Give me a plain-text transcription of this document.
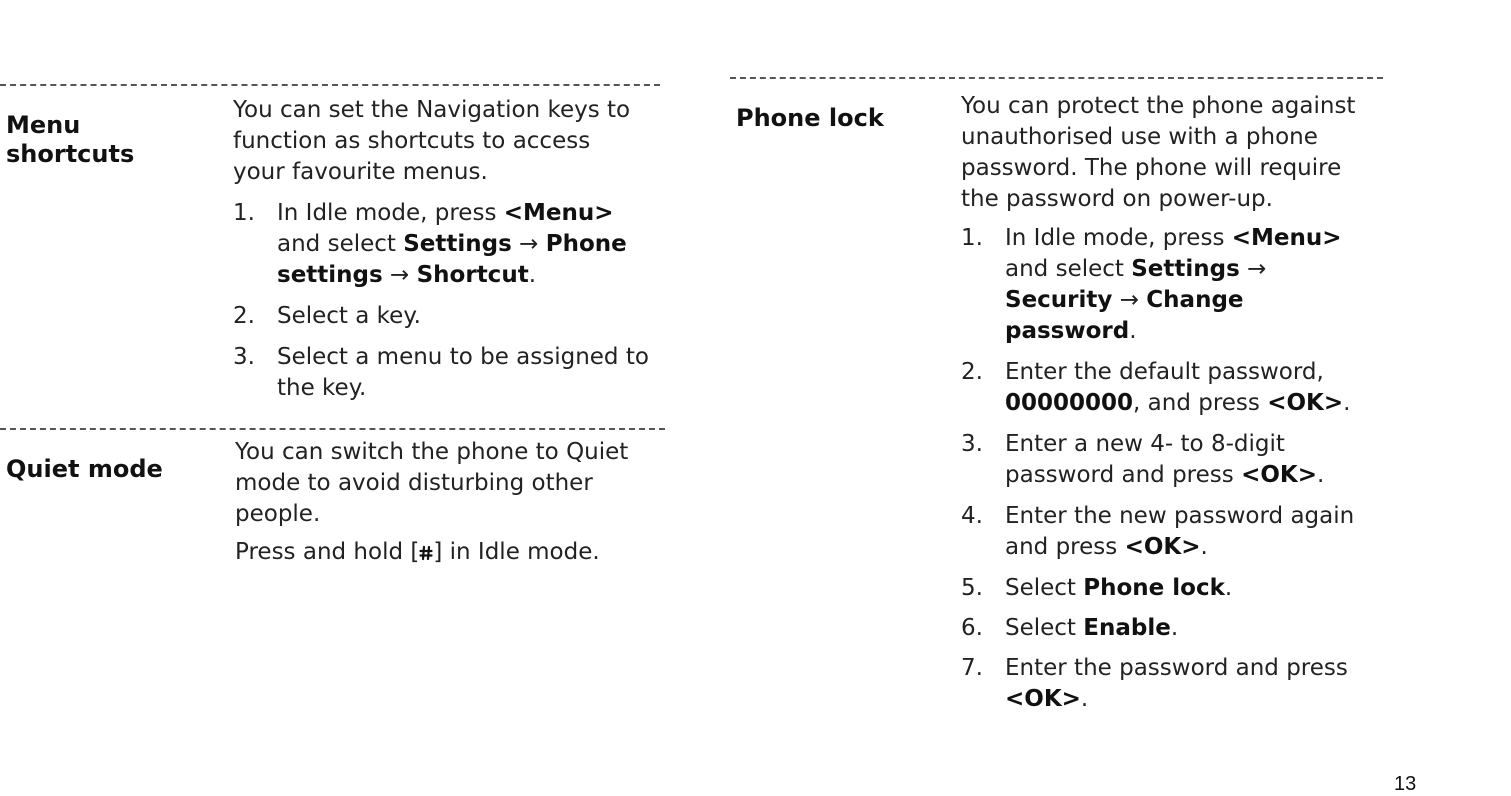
Menu
shortcuts

You can set the Navigation keys to
function as shortcuts to access
your favourite menus.

1. In Idle mode, press <Menu>
and select Settings → Phone
settings → Shortcut.
2. Select a key.
3. Select a menu to be assigned to
the key.
Quiet mode

You can switch the phone to Quiet
mode to avoid disturbing other
people.

Press and hold [ ] in Idle mode.

Phone lock	You can protect the phone against
unauthorised use with a phone
password. The phone will require
the password on power-up.

1. In Idle mode, press <Menu>
and select Settings →
Security → Change
password.
2. Enter the default password,
00000000, and press <OK>.
3. Enter a new 4- to 8-digit
password and press <OK>.
4. Enter the new password again
and press <OK>.
5. Select Phone lock.
6. Select Enable.
7. Enter the password and press
<OK>.
13
